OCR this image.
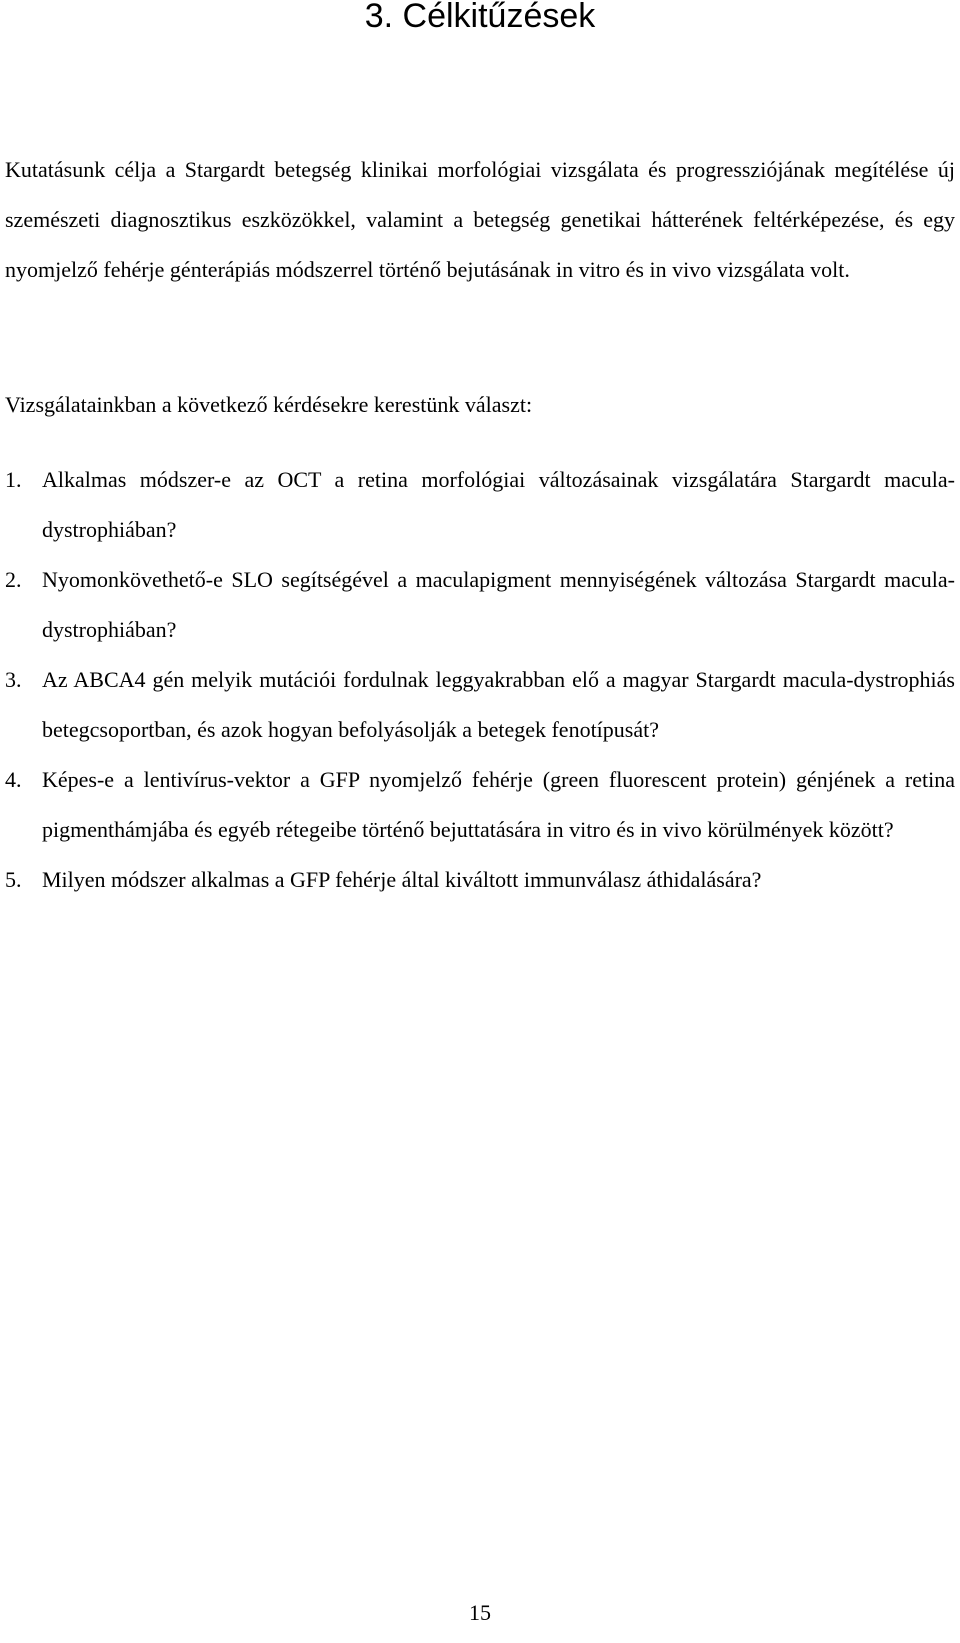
3. Célkitűzések

Kutatásunk célja a Stargardt betegség klinikai morfológiai vizsgálata és progressziójának megítélése új szemészeti diagnosztikus eszközökkel, valamint a betegség genetikai hátterének feltérképezése, és egy nyomjelző fehérje génterápiás módszerrel történő bejutásának in vitro és in vivo vizsgálata volt.

Vizsgálatainkban a következő kérdésekre kerestünk választ:

1. Alkalmas módszer-e az OCT a retina morfológiai változásainak vizsgálatára Stargardt macula-dystrophiában?
2. Nyomonkövethető-e SLO segítségével a maculapigment mennyiségének változása Stargardt macula-dystrophiában?
3. Az ABCA4 gén melyik mutációi fordulnak leggyakrabban elő a magyar Stargardt macula-dystrophiás betegcsoportban, és azok hogyan befolyásolják a betegek fenotípusát?
4. Képes-e a lentivírus-vektor a GFP nyomjelző fehérje (green fluorescent protein) génjének a retina pigmenthámjába és egyéb rétegeibe történő bejuttatására in vitro és in vivo körülmények között?
5. Milyen módszer alkalmas a GFP fehérje által kiváltott immunválasz áthidalására?
15
